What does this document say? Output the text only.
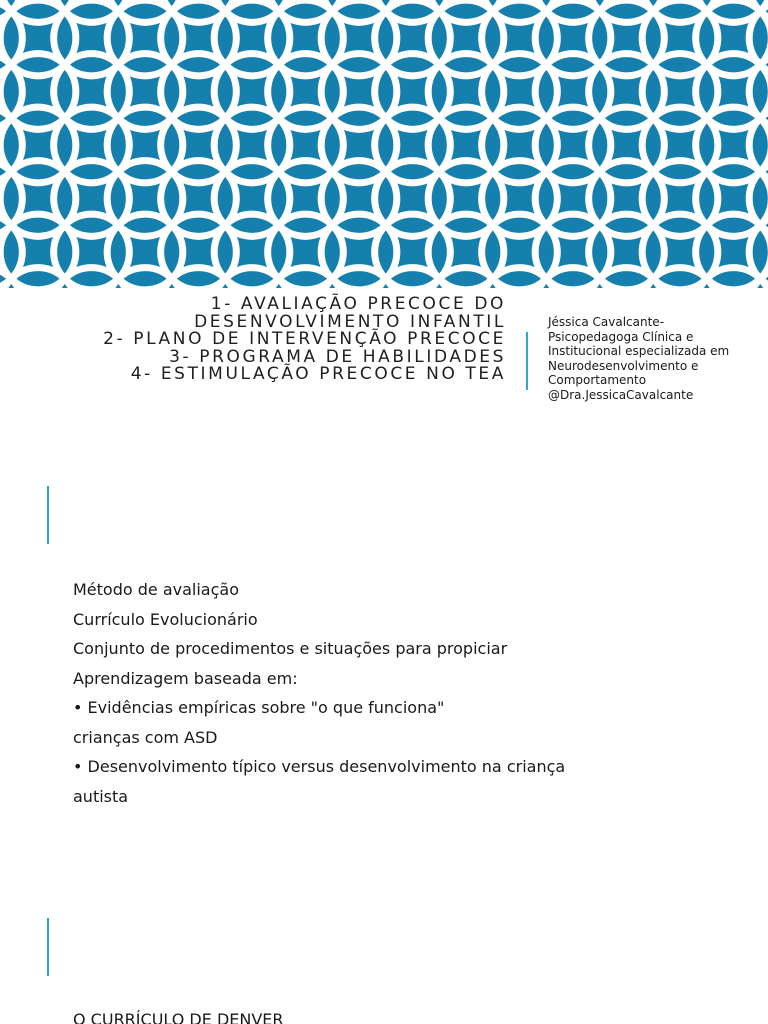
1- AVALIAÇÃO PRECOCE DO
DESENVOLVIMENTO INFANTIL
2- PLANO DE INTERVENÇÃO PRECOCE
3- PROGRAMA DE HABILIDADES
4- ESTIMULAÇÃO PRECOCE NO TEA
Jéssica Cavalcante-
Psicopedagoga Clínica e
Institucional especializada em
Neurodesenvolvimento e
Comportamento
@Dra.JessicaCavalcante
Método de avaliação
Currículo Evolucionário
Conjunto de procedimentos e situações para propiciar
Aprendizagem baseada em:
• Evidências empíricas sobre "o que funciona"
crianças com ASD
• Desenvolvimento típico versus desenvolvimento na criança
autista
O CURRÍCULO DE DENVER
